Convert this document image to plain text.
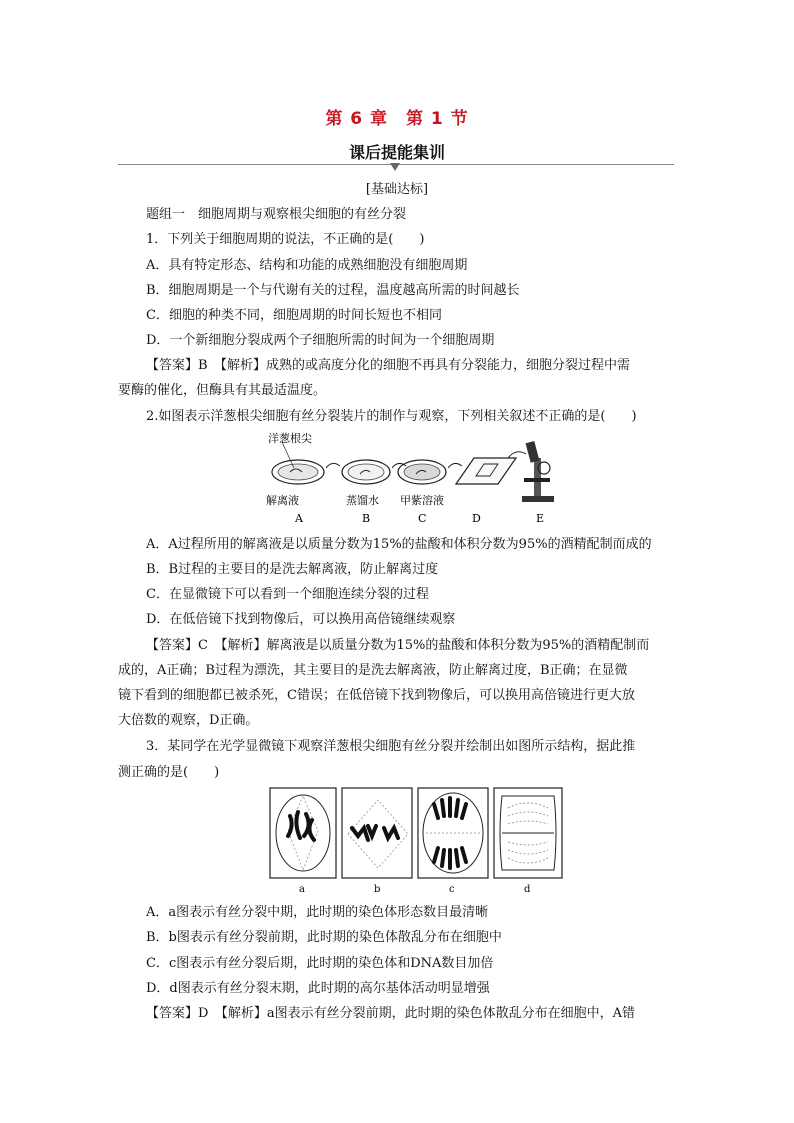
第 6 章　第 1 节
课后提能集训
[基础达标]
题组一　细胞周期与观察根尖细胞的有丝分裂
1．下列关于细胞周期的说法，不正确的是(　　)
A．具有特定形态、结构和功能的成熟细胞没有细胞周期
B．细胞周期是一个与代谢有关的过程，温度越高所需的时间越长
C．细胞的种类不同，细胞周期的时间长短也不相同
D．一个新细胞分裂成两个子细胞所需的时间为一个细胞周期
【答案】B　【解析】成熟的或高度分化的细胞不再具有分裂能力，细胞分裂过程中需
要酶的催化，但酶具有其最适温度。
2.如图表示洋葱根尖细胞有丝分裂装片的制作与观察，下列相关叙述不正确的是(　　)
洋葱根尖
解离液
A
蒸馏水
B
甲紫溶液
C	D	E
A．A过程所用的解离液是以质量分数为15%的盐酸和体积分数为95%的酒精配制而成的
B．B过程的主要目的是洗去解离液，防止解离过度
C．在显微镜下可以看到一个细胞连续分裂的过程
D．在低倍镜下找到物像后，可以换用高倍镜继续观察
【答案】C　【解析】解离液是以质量分数为15%的盐酸和体积分数为95%的酒精配制而
成的，A正确；B过程为漂洗，其主要目的是洗去解离液，防止解离过度，B正确；在显微
镜下看到的细胞都已被杀死，C错误；在低倍镜下找到物像后，可以换用高倍镜进行更大放
大倍数的观察，D正确。
3．某同学在光学显微镜下观察洋葱根尖细胞有丝分裂并绘制出如图所示结构，据此推
测正确的是(　　)
a	b	c	d
A．a图表示有丝分裂中期，此时期的染色体形态数目最清晰
B．b图表示有丝分裂前期，此时期的染色体散乱分布在细胞中
C．c图表示有丝分裂后期，此时期的染色体和DNA数目加倍
D．d图表示有丝分裂末期，此时期的高尔基体活动明显增强
【答案】D　【解析】a图表示有丝分裂前期，此时期的染色体散乱分布在细胞中，A错
